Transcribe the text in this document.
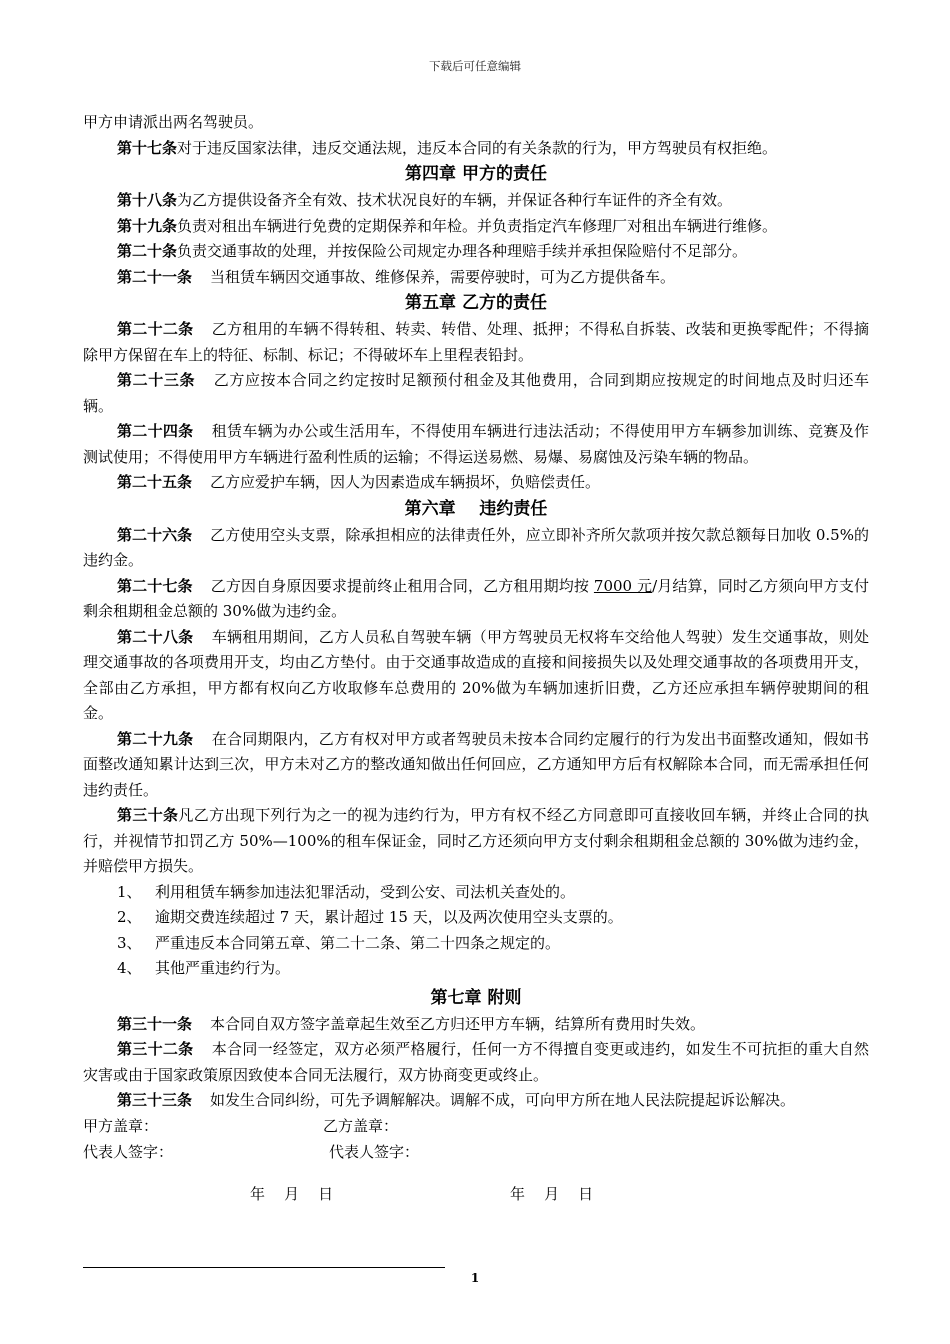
下载后可任意编辑

甲方申请派出两名驾驶员。

第十七条对于违反国家法律，违反交通法规，违反本合同的有关条款的行为，甲方驾驶员有权拒绝。

第四章 甲方的责任

第十八条为乙方提供设备齐全有效、技术状况良好的车辆，并保证各种行车证件的齐全有效。

第十九条负责对租出车辆进行免费的定期保养和年检。并负责指定汽车修理厂对租出车辆进行维修。

第二十条负责交通事故的处理，并按保险公司规定办理各种理赔手续并承担保险赔付不足部分。

第二十一条 当租赁车辆因交通事故、维修保养，需要停驶时，可为乙方提供备车。

第五章 乙方的责任

第二十二条 乙方租用的车辆不得转租、转卖、转借、处理、抵押；不得私自拆装、改装和更换零配件；不得摘除甲方保留在车上的特征、标制、标记；不得破坏车上里程表铅封。

第二十三条 乙方应按本合同之约定按时足额预付租金及其他费用，合同到期应按规定的时间地点及时归还车辆。

第二十四条 租赁车辆为办公或生活用车，不得使用车辆进行违法活动；不得使用甲方车辆参加训练、竞赛及作测试使用；不得使用甲方车辆进行盈利性质的运输；不得运送易燃、易爆、易腐蚀及污染车辆的物品。

第二十五条 乙方应爱护车辆，因人为因素造成车辆损坏，负赔偿责任。

第六章    违约责任

第二十六条 乙方使用空头支票，除承担相应的法律责任外，应立即补齐所欠款项并按欠款总额每日加收 0.5%的违约金。

第二十七条 乙方因自身原因要求提前终止租用合同，乙方租用期均按 7000 元/月结算，同时乙方须向甲方支付剩余租期租金总额的 30%做为违约金。

第二十八条 车辆租用期间，乙方人员私自驾驶车辆（甲方驾驶员无权将车交给他人驾驶）发生交通事故，则处理交通事故的各项费用开支，均由乙方垫付。由于交通事故造成的直接和间接损失以及处理交通事故的各项费用开支，全部由乙方承担，甲方都有权向乙方收取修车总费用的 20%做为车辆加速折旧费，乙方还应承担车辆停驶期间的租金。

第二十九条 在合同期限内，乙方有权对甲方或者驾驶员未按本合同约定履行的行为发出书面整改通知，假如书面整改通知累计达到三次，甲方未对乙方的整改通知做出任何回应，乙方通知甲方后有权解除本合同，而无需承担任何违约责任。

第三十条凡乙方出现下列行为之一的视为违约行为，甲方有权不经乙方同意即可直接收回车辆，并终止合同的执行，并视情节扣罚乙方 50%—100%的租车保证金，同时乙方还须向甲方支付剩余租期租金总额的 30%做为违约金，并赔偿甲方损失。

1、 利用租赁车辆参加违法犯罪活动，受到公安、司法机关查处的。

2、 逾期交费连续超过 7 天，累计超过 15 天，以及两次使用空头支票的。

3、 严重违反本合同第五章、第二十二条、第二十四条之规定的。

4、 其他严重违约行为。

第七章 附则

第三十一条 本合同自双方签字盖章起生效至乙方归还甲方车辆，结算所有费用时失效。

第三十二条 本合同一经签定，双方必须严格履行，任何一方不得擅自变更或违约，如发生不可抗拒的重大自然灾害或由于国家政策原因致使本合同无法履行，双方协商变更或终止。

第三十三条 如发生合同纠纷，可先予调解解决。调解不成，可向甲方所在地人民法院提起诉讼解决。

甲方盖章：	乙方盖章：
代表人签字：	代表人签字：
年    月    日	年    月    日
1
